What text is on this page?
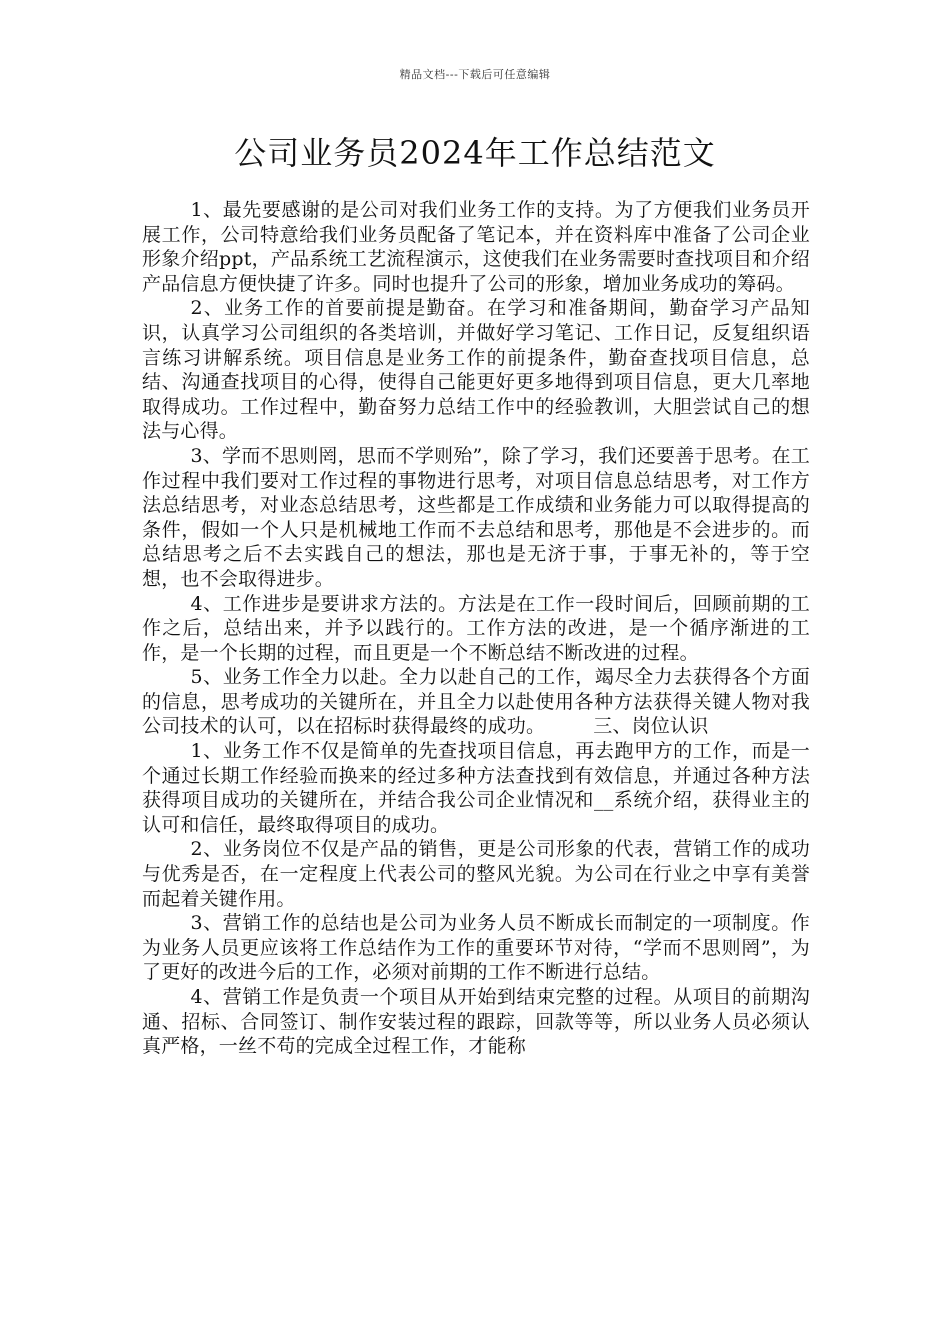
精品文档---下载后可任意编辑
公司业务员2024年工作总结范文

1、最先要感谢的是公司对我们业务工作的支持。为了方便我们业务员开展工作，公司特意给我们业务员配备了笔记本，并在资料库中准备了公司企业形象介绍ppt，产品系统工艺流程演示，这使我们在业务需要时查找项目和介绍产品信息方便快捷了许多。同时也提升了公司的形象，增加业务成功的筹码。

2、业务工作的首要前提是勤奋。在学习和准备期间，勤奋学习产品知识，认真学习公司组织的各类培训，并做好学习笔记、工作日记，反复组织语言练习讲解系统。项目信息是业务工作的前提条件，勤奋查找项目信息，总结、沟通查找项目的心得，使得自己能更好更多地得到项目信息，更大几率地取得成功。工作过程中，勤奋努力总结工作中的经验教训，大胆尝试自己的想法与心得。

3、学而不思则罔，思而不学则殆”，除了学习，我们还要善于思考。在工作过程中我们要对工作过程的事物进行思考，对项目信息总结思考，对工作方法总结思考，对业态总结思考，这些都是工作成绩和业务能力可以取得提高的条件，假如一个人只是机械地工作而不去总结和思考，那他是不会进步的。而总结思考之后不去实践自己的想法，那也是无济于事，于事无补的，等于空想，也不会取得进步。

4、工作进步是要讲求方法的。方法是在工作一段时间后，回顾前期的工作之后，总结出来，并予以践行的。工作方法的改进，是一个循序渐进的工作，是一个长期的过程，而且更是一个不断总结不断改进的过程。

5、业务工作全力以赴。全力以赴自己的工作，竭尽全力去获得各个方面的信息，思考成功的关键所在，并且全力以赴使用各种方法获得关键人物对我公司技术的认可，以在招标时获得最终的成功。　　　三、岗位认识

1、业务工作不仅是简单的先查找项目信息，再去跑甲方的工作，而是一个通过长期工作经验而换来的经过多种方法查找到有效信息，并通过各种方法获得项目成功的关键所在，并结合我公司企业情况和__系统介绍，获得业主的认可和信任，最终取得项目的成功。

2、业务岗位不仅是产品的销售，更是公司形象的代表，营销工作的成功与优秀是否，在一定程度上代表公司的整风光貌。为公司在行业之中享有美誉而起着关键作用。

3、营销工作的总结也是公司为业务人员不断成长而制定的一项制度。作为业务人员更应该将工作总结作为工作的重要环节对待，“学而不思则罔”，为了更好的改进今后的工作，必须对前期的工作不断进行总结。

4、营销工作是负责一个项目从开始到结束完整的过程。从项目的前期沟通、招标、合同签订、制作安装过程的跟踪，回款等等，所以业务人员必须认真严格，一丝不苟的完成全过程工作，才能称
